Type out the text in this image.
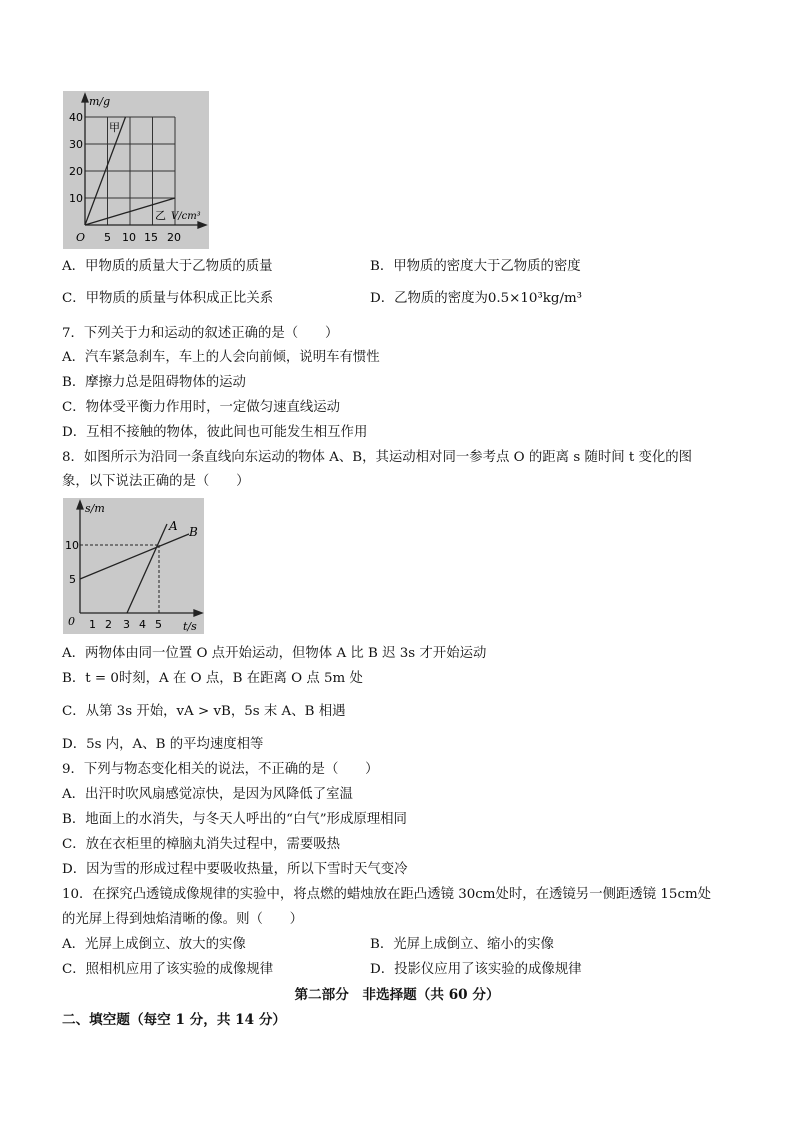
m/g
V/cm³
40
30
20
10
O 5 10 15 20
甲
乙
A．甲物质的质量大于乙物质的质量	B．甲物质的密度大于乙物质的密度
C．甲物质的质量与体积成正比关系	D．乙物质的密度为0.5×10³kg/m³
7．下列关于力和运动的叙述正确的是（　　）
A．汽车紧急刹车，车上的人会向前倾，说明车有惯性
B．摩擦力总是阻碍物体的运动
C．物体受平衡力作用时，一定做匀速直线运动
D．互相不接触的物体，彼此间也可能发生相互作用
8．如图所示为沿同一条直线向东运动的物体 A、B，其运动相对同一参考点 O 的距离 s 随时间 t 变化的图
象，以下说法正确的是（　　）
s/m
t/s
10
5
0 1 2 3 4 5
A B
A．两物体由同一位置 O 点开始运动，但物体 A 比 B 迟 3s 才开始运动
B．t = 0时刻，A 在 O 点，B 在距离 O 点 5m 处
C．从第 3s 开始，vA > vB，5s 末 A、B 相遇
D．5s 内，A、B 的平均速度相等
9．下列与物态变化相关的说法，不正确的是（　　）
A．出汗时吹风扇感觉凉快，是因为风降低了室温
B．地面上的水消失，与冬天人呼出的“白气”形成原理相同
C．放在衣柜里的樟脑丸消失过程中，需要吸热
D．因为雪的形成过程中要吸收热量，所以下雪时天气变冷
10．在探究凸透镜成像规律的实验中，将点燃的蜡烛放在距凸透镜 30cm处时，在透镜另一侧距透镜 15cm处
的光屏上得到烛焰清晰的像。则（　　）
A．光屏上成倒立、放大的实像	B．光屏上成倒立、缩小的实像
C．照相机应用了该实验的成像规律	D．投影仪应用了该实验的成像规律
第二部分　非选择题（共 60 分）
二、填空题（每空 1 分，共 14 分）
